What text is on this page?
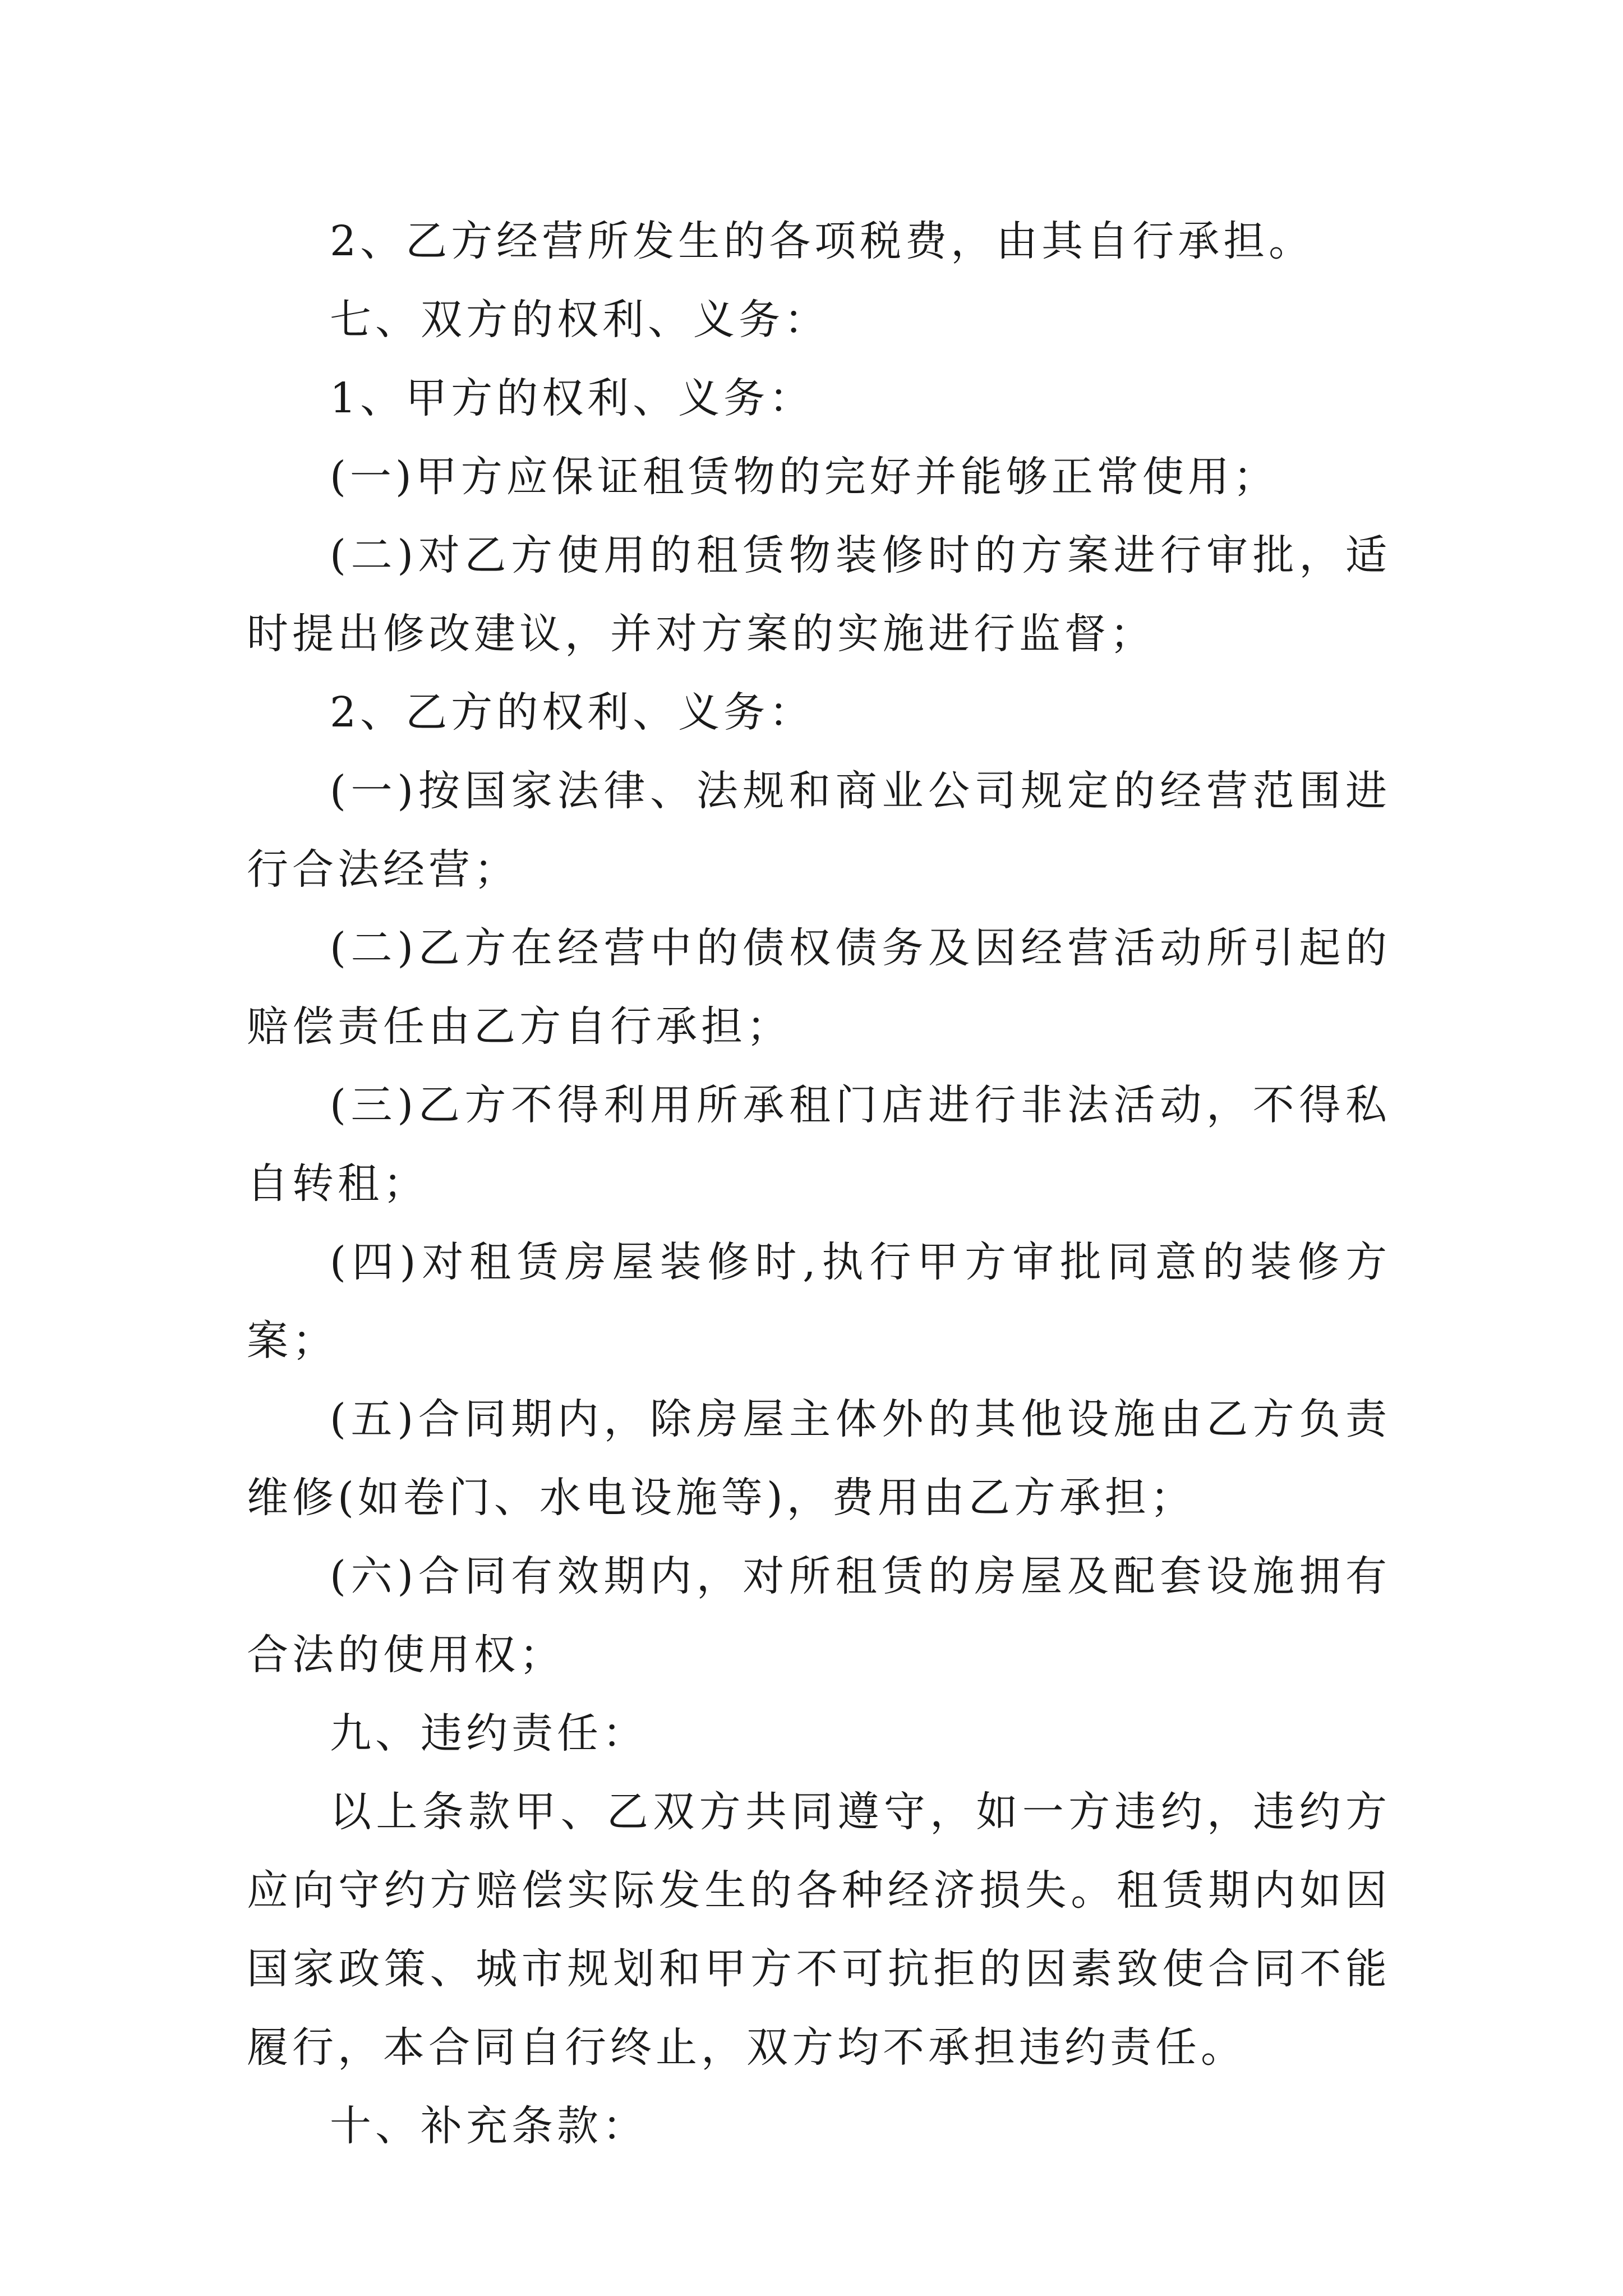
2、乙方经营所发生的各项税费，由其自行承担。

七、双方的权利、义务：

1、甲方的权利、义务：

(一)甲方应保证租赁物的完好并能够正常使用；

(二)对乙方使用的租赁物装修时的方案进行审批，适时提出修改建议，并对方案的实施进行监督；

2、乙方的权利、义务：

(一)按国家法律、法规和商业公司规定的经营范围进行合法经营；

(二)乙方在经营中的债权债务及因经营活动所引起的赔偿责任由乙方自行承担；

(三)乙方不得利用所承租门店进行非法活动，不得私自转租；

(四)对租赁房屋装修时,执行甲方审批同意的装修方案；

(五)合同期内，除房屋主体外的其他设施由乙方负责维修(如卷门、水电设施等)，费用由乙方承担；

(六)合同有效期内，对所租赁的房屋及配套设施拥有合法的使用权；

九、违约责任：

以上条款甲、乙双方共同遵守，如一方违约，违约方应向守约方赔偿实际发生的各种经济损失。租赁期内如因国家政策、城市规划和甲方不可抗拒的因素致使合同不能履行，本合同自行终止，双方均不承担违约责任。

十、补充条款：
